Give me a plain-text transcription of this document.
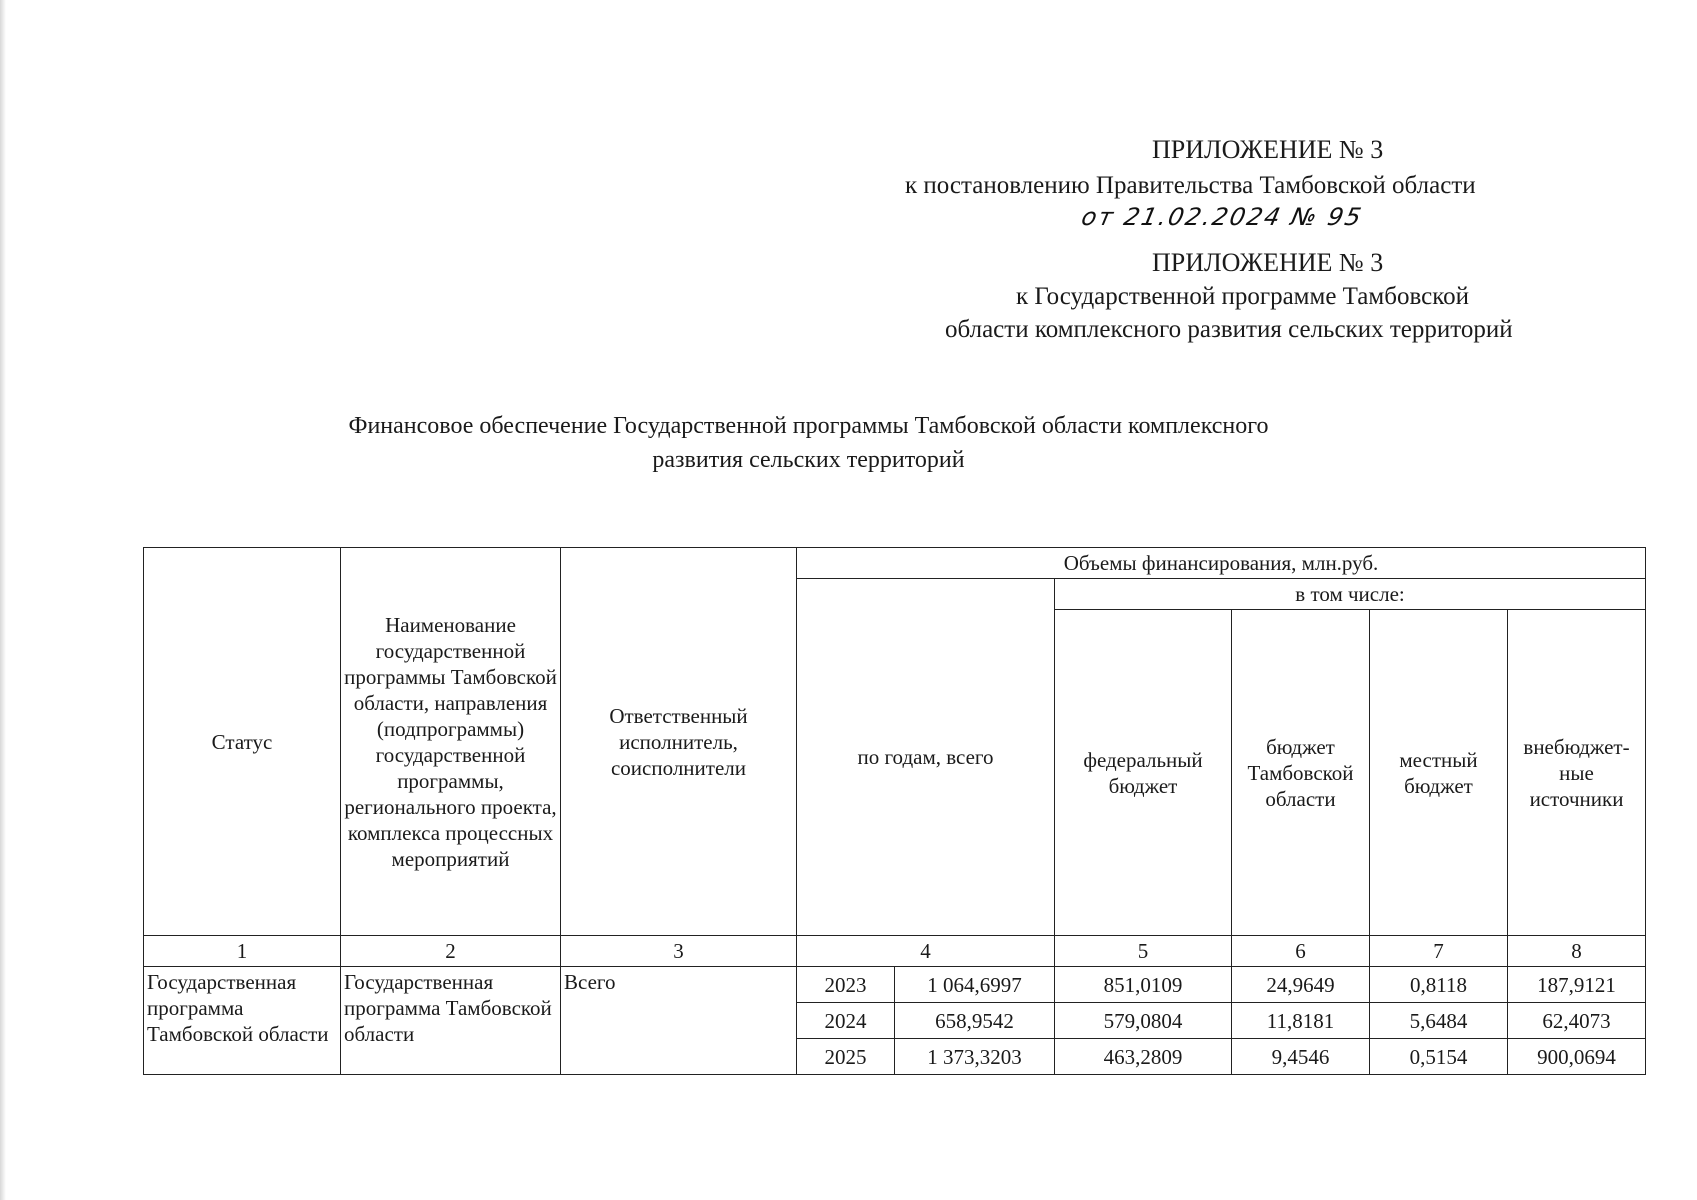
ПРИЛОЖЕНИЕ № 3
к постановлению Правительства Тамбовской области
от 21.02.2024 № 95
ПРИЛОЖЕНИЕ № 3
к Государственной программе Тамбовской
области комплексного развития сельских территорий
Финансовое обеспечение Государственной программы Тамбовской области комплексного
развития сельских территорий
Статус	Наименование государственной программы Тамбовской области, направления (подпрограммы) государственной программы, регионального проекта, комплекса процессных мероприятий	Ответственный исполнитель, соисполнители	Объемы финансирования, млн.руб.					
			по годам, всего		в том числе:			
					федеральный бюджет	бюджет Тамбовской области	местный бюджет	внебюджет-ные источники
1	2	3	4		5	6	7	8
Государственная программа Тамбовской области	Государственная программа Тамбовской области	Всего	2023	1 064,6997	851,0109	24,9649	0,8118	187,9121
			2024	658,9542	579,0804	11,8181	5,6484	62,4073
			2025	1 373,3203	463,2809	9,4546	0,5154	900,0694
